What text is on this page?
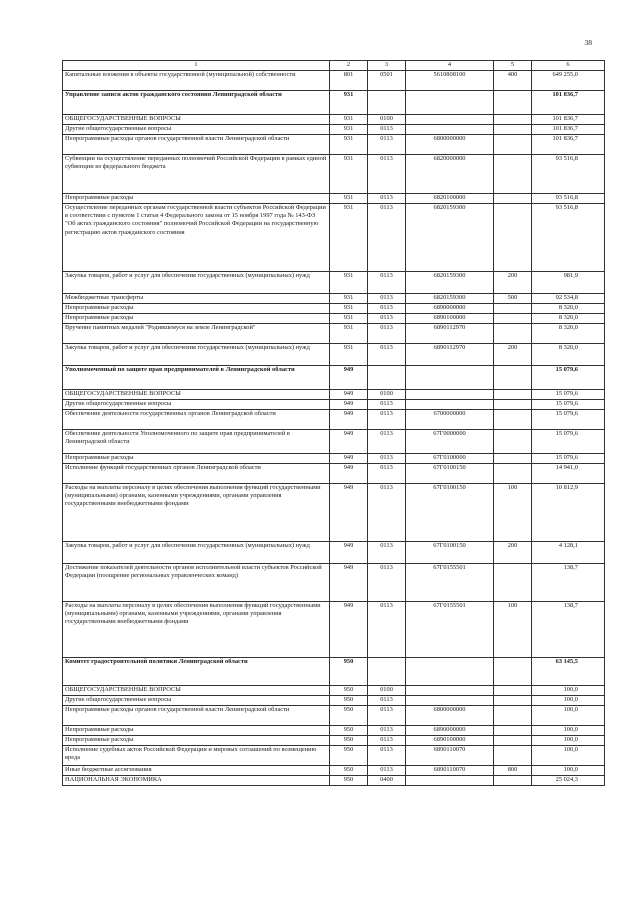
38
1	2	3	4	5	6
Капитальные вложения в объекты государственной (муниципальной) собственности	801	0501	5610808100	400	649 255,0
Управление записи актов гражданского состояния Ленинградской области	931				101 836,7
ОБЩЕГОСУДАРСТВЕННЫЕ ВОПРОСЫ	931	0100			101 836,7
Другие общегосударственные вопросы	931	0113			101 836,7
Непрограммные расходы органов государственной власти Ленинградской области	931	0113	6800000000		101 836,7
Субвенции на осуществление переданных полномочий Российской Федерации в рамках единой субвенции из федерального бюджета	931	0113	6820000000		93 516,8
Непрограммные расходы	931	0113	6820100000		93 516,8
Осуществление переданных органам государственной власти субъектов Российской Федерации в соответствии с пунктом 1 статьи 4 Федерального закона от 15 ноября 1997 года № 143-ФЗ "Об актах гражданского состояния" полномочий Российской Федерации на государственную регистрацию актов гражданского состояния	931	0113	6820159300		93 516,8
Закупка товаров, работ и услуг для обеспечения государственных (муниципальных) нужд	931	0113	6820159300	200	981,9
Межбюджетные трансферты	931	0113	6820159300	500	92 534,8
Непрограммные расходы	931	0113	6890000000		8 320,0
Непрограммные расходы	931	0113	6890100000		8 320,0
Вручение памятных медалей "Родившемуся на земле Ленинградской"	931	0113	6890112970		8 320,0
Закупка товаров, работ и услуг для обеспечения государственных (муниципальных) нужд	931	0113	6890112970	200	8 320,0
Уполномоченный по защите прав предпринимателей в Ленинградской области	949				15 079,6
ОБЩЕГОСУДАРСТВЕННЫЕ ВОПРОСЫ	949	0100			15 079,6
Другие общегосударственные вопросы	949	0113			15 079,6
Обеспечение деятельности государственных органов Ленинградской области	949	0113	6700000000		15 079,6
Обеспечение деятельности Уполномоченного по защите прав предпринимателей в Ленинградской области	949	0113	67Г0000000		15 079,6
Непрограммные расходы	949	0113	67Г0100000		15 079,6
Исполнение функций государственных органов Ленинградской области	949	0113	67Г0100150		14 941,0
Расходы на выплаты персоналу в целях обеспечения выполнения функций государственными (муниципальными) органами, казенными учреждениями, органами управления государственными внебюджетными фондами	949	0113	67Г0100150	100	10 812,9
Закупка товаров, работ и услуг для обеспечения государственных (муниципальных) нужд	949	0113	67Г0100150	200	4 128,1
Достижение показателей деятельности органов исполнительной власти субъектов Российской Федерации (поощрение региональных управленческих команд)	949	0113	67Г0155501		138,7
Расходы на выплаты персоналу в целях обеспечения выполнения функций государственными (муниципальными) органами, казенными учреждениями, органами управления государственными внебюджетными фондами	949	0113	67Г0155501	100	138,7
Комитет градостроительной политики Ленинградской области	950				63 145,5
ОБЩЕГОСУДАРСТВЕННЫЕ ВОПРОСЫ	950	0100			100,0
Другие общегосударственные вопросы	950	0113			100,0
Непрограммные расходы органов государственной власти Ленинградской области	950	0113	6800000000		100,0
Непрограммные расходы	950	0113	6890000000		100,0
Непрограммные расходы	950	0113	6890100000		100,0
Исполнение судебных актов Российской Федерации и мировых соглашений по возмещению вреда	950	0113	6890110070		100,0
Иные бюджетные ассигнования	950	0113	6890110070	800	100,0
НАЦИОНАЛЬНАЯ ЭКОНОМИКА	950	0400			25 024,3
